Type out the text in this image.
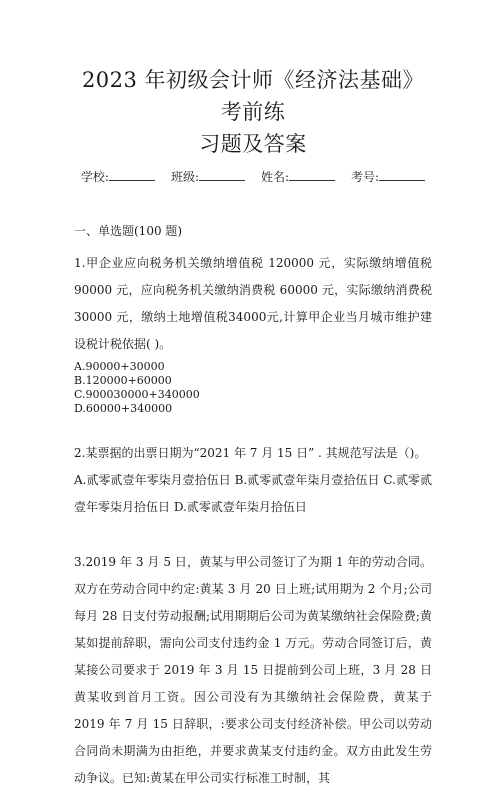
2023 年初级会计师《经济法基础》考前练
习题及答案
学校:	班级:	姓名:	考号:
一、单选题(100 题)
1.甲企业应向税务机关缴纳增值税 120000 元，实际缴纳增值税 90000 元，应向税务机关缴纳消费税 60000 元，实际缴纳消费税 30000 元，缴纳土地增值税34000元,计算甲企业当月城市维护建设税计税依据( )。
A.90000+30000
B.120000+60000
C.900030000+340000
D.60000+340000
2.某票据的出票日期为“2021 年 7 月 15 日” . 其规范写法是（)。
A.贰零贰壹年零柒月壹拾伍日 B.贰零贰壹年柒月壹拾伍日 C.贰零贰壹年零柒月拾伍日 D.贰零贰壹年柒月拾伍日
3.2019 年 3 月 5 日，黄某与甲公司签订了为期 1 年的劳动合同。双方在劳动合同中约定:黄某 3 月 20 日上班;试用期为 2 个月;公司每月 28 日支付劳动报酬;试用期期后公司为黄某缴纳社会保险费;黄某如提前辞职，需向公司支付违约金 1 万元。劳动合同签订后，黄某接公司要求于 2019 年 3 月 15 日提前到公司上班，3 月 28 日黄某收到首月工资。因公司没有为其缴纳社会保险费，黄某于 2019 年 7 月 15 日辞职，:要求公司支付经济补偿。甲公司以劳动合同尚未期满为由拒绝，并要求黄某支付违约金。双方由此发生劳动争议。已知:黄某在甲公司实行标准工时制，其
